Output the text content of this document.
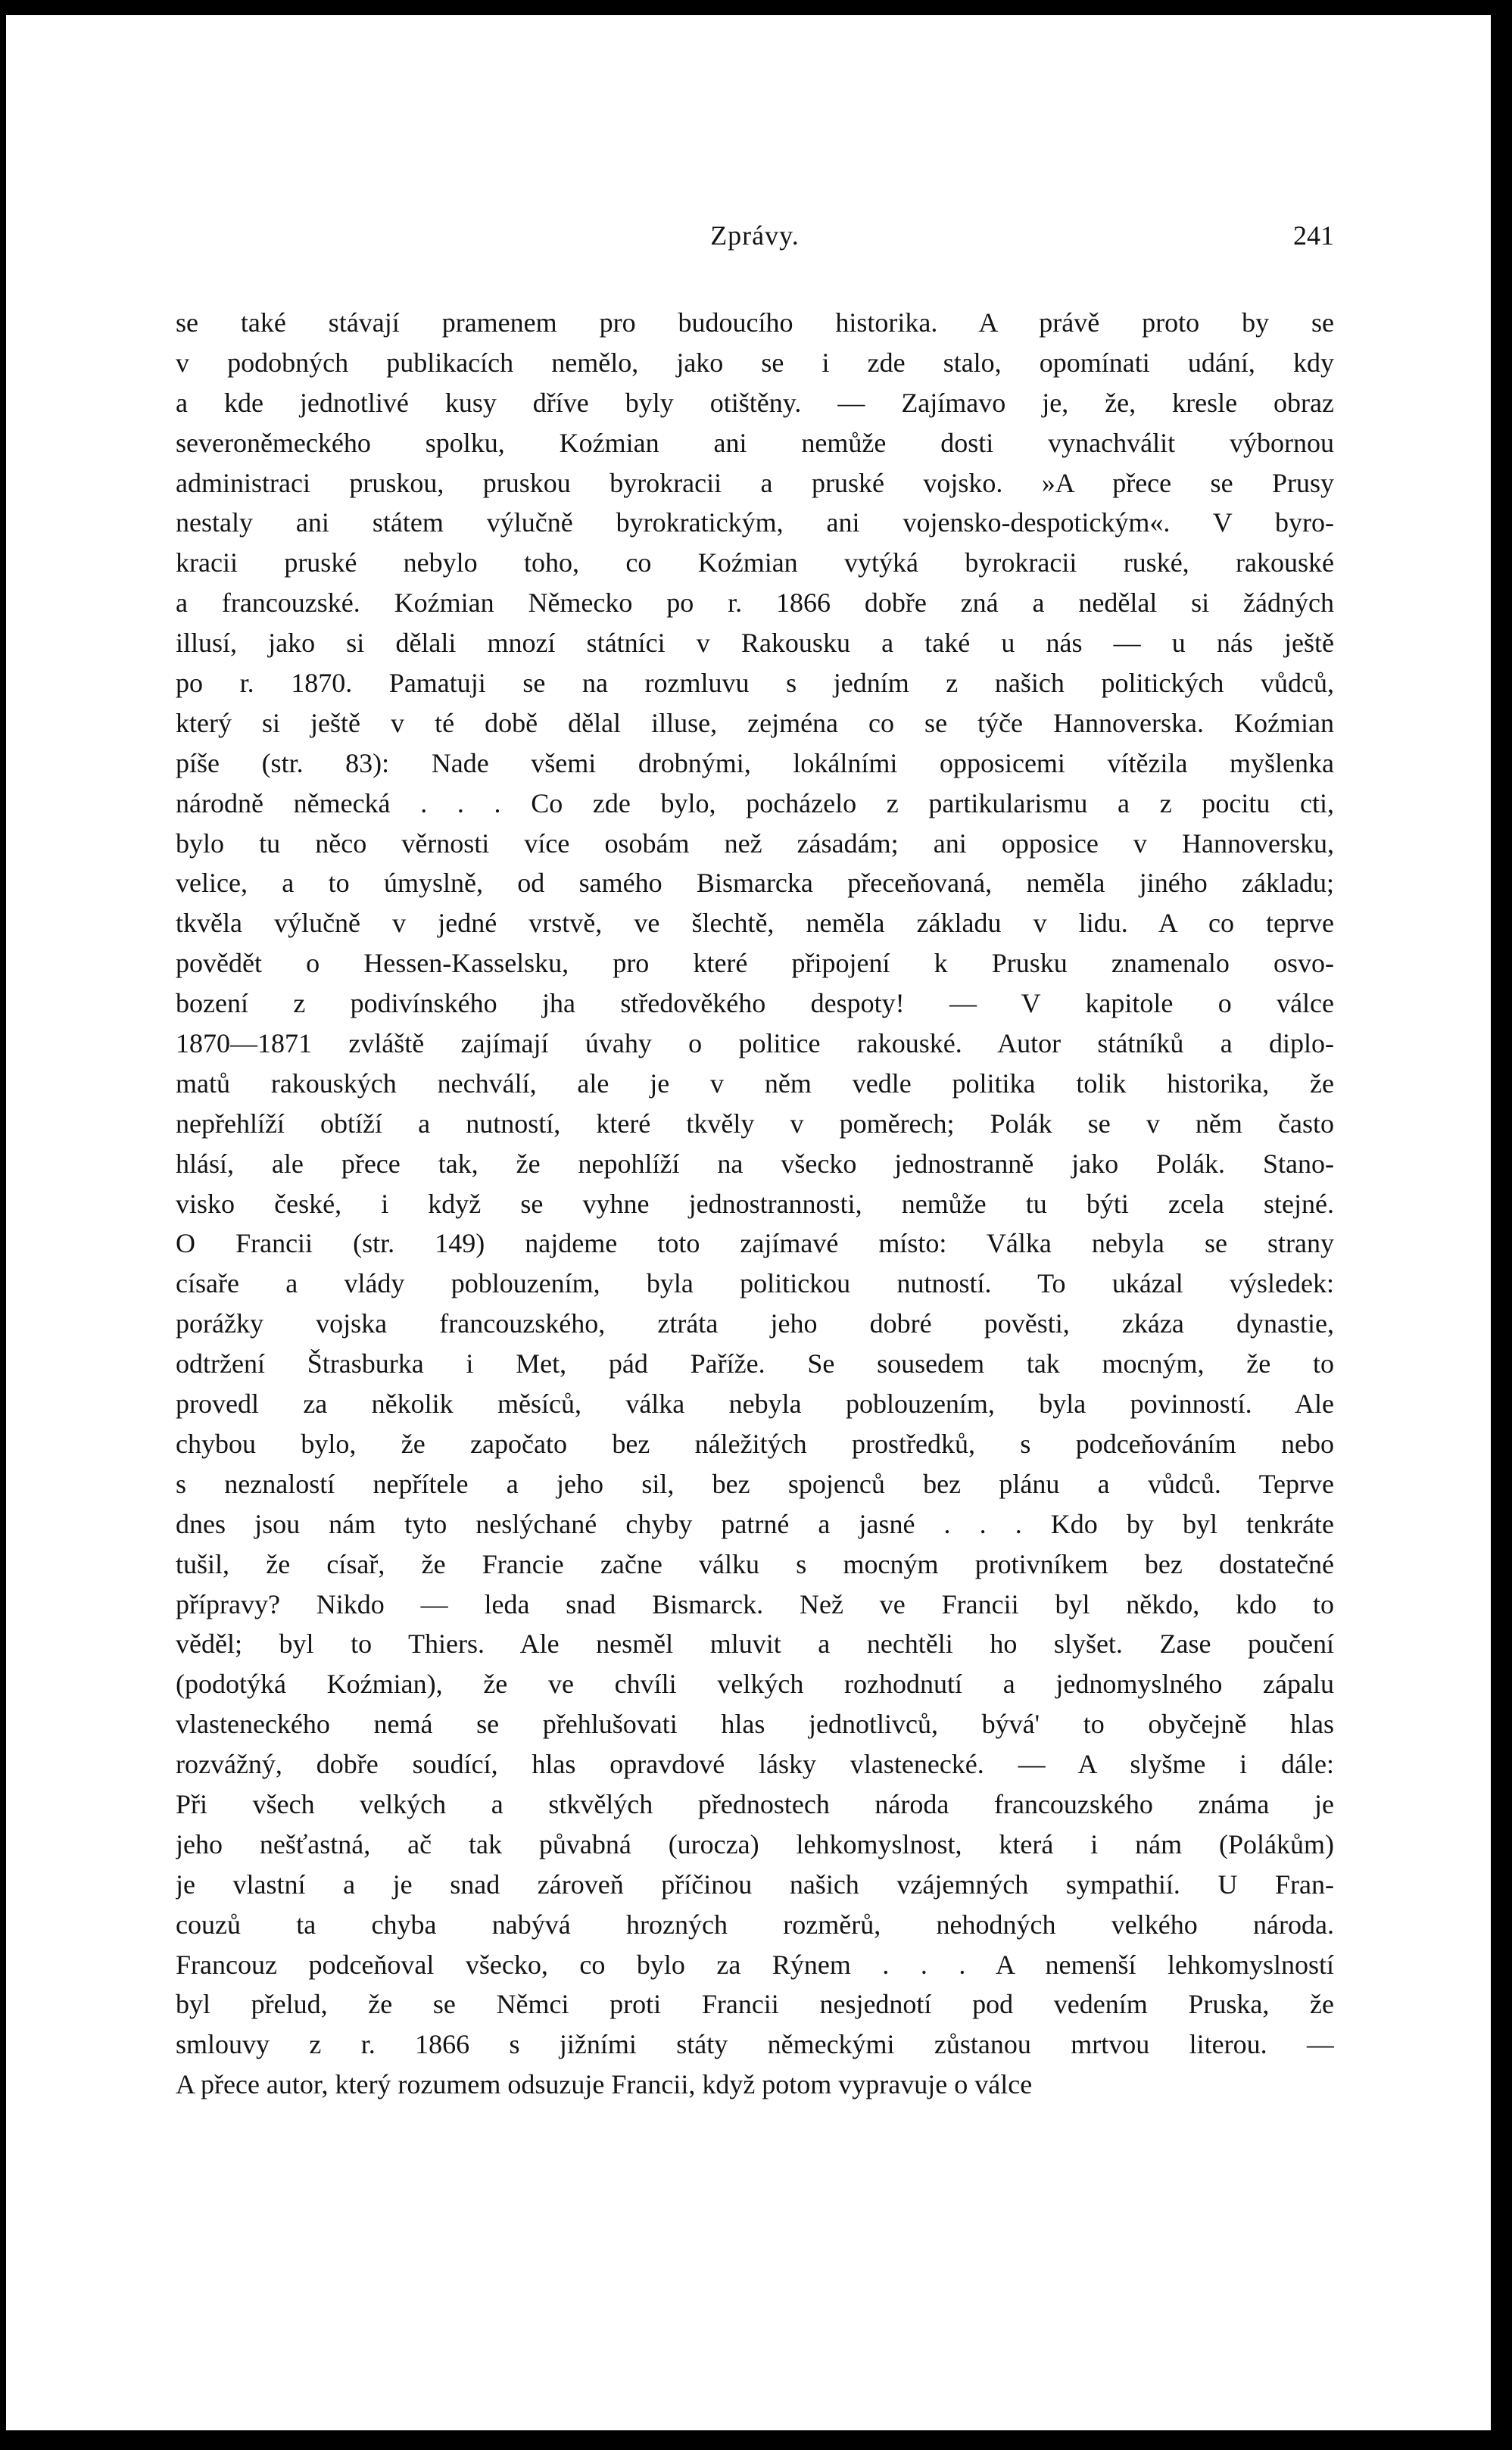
Zprávy.	241
se také stávají pramenem pro budoucího historika. A právě proto by se
v podobných publikacích nemělo, jako se i zde stalo, opomínati udání, kdy
a kde jednotlivé kusy dříve byly otištěny. — Zajímavo je, že, kresle obraz
severoněmeckého spolku, Koźmian ani nemůže dosti vynachválit výbornou
administraci pruskou, pruskou byrokracii a pruské vojsko. »A přece se Prusy
nestaly ani státem výlučně byrokratickým, ani vojensko-despotickým«. V byro-
kracii pruské nebylo toho, co Koźmian vytýká byrokracii ruské, rakouské
a francouzské. Koźmian Německo po r. 1866 dobře zná a nedělal si žádných
illusí, jako si dělali mnozí státníci v Rakousku a také u nás — u nás ještě
po r. 1870. Pamatuji se na rozmluvu s jedním z našich politických vůdců,
který si ještě v té době dělal illuse, zejména co se týče Hannoverska. Koźmian
píše (str. 83): Nade všemi drobnými, lokálními opposicemi vítězila myšlenka
národně německá . . . Co zde bylo, pocházelo z partikularismu a z pocitu cti,
bylo tu něco věrnosti více osobám než zásadám; ani opposice v Hannoversku,
velice, a to úmyslně, od samého Bismarcka přeceňovaná, neměla jiného základu;
tkvěla výlučně v jedné vrstvě, ve šlechtě, neměla základu v lidu. A co teprve
povědět o Hessen-Kasselsku, pro které připojení k Prusku znamenalo osvo-
bození z podivínského jha středověkého despoty! — V kapitole o válce
1870—1871 zvláště zajímají úvahy o politice rakouské. Autor státníků a diplo-
matů rakouských nechválí, ale je v něm vedle politika tolik historika, že
nepřehlíží obtíží a nutností, které tkvěly v poměrech; Polák se v něm často
hlásí, ale přece tak, že nepohlíží na všecko jednostranně jako Polák. Stano-
visko české, i když se vyhne jednostrannosti, nemůže tu býti zcela stejné.
O Francii (str. 149) najdeme toto zajímavé místo: Válka nebyla se strany
císaře a vlády poblouzením, byla politickou nutností. To ukázal výsledek:
porážky vojska francouzského, ztráta jeho dobré pověsti, zkáza dynastie,
odtržení Štrasburka i Met, pád Paříže. Se sousedem tak mocným, že to
provedl za několik měsíců, válka nebyla poblouzením, byla povinností. Ale
chybou bylo, že započato bez náležitých prostředků, s podceňováním nebo
s neznalostí nepřítele a jeho sil, bez spojenců bez plánu a vůdců. Teprve
dnes jsou nám tyto neslýchané chyby patrné a jasné . . . Kdo by byl tenkráte
tušil, že císař, že Francie začne válku s mocným protivníkem bez dostatečné
přípravy? Nikdo — leda snad Bismarck. Než ve Francii byl někdo, kdo to
věděl; byl to Thiers. Ale nesměl mluvit a nechtěli ho slyšet. Zase poučení
(podotýká Koźmian), že ve chvíli velkých rozhodnutí a jednomyslného zápalu
vlasteneckého nemá se přehlušovati hlas jednotlivců, bývá' to obyčejně hlas
rozvážný, dobře soudící, hlas opravdové lásky vlastenecké. — A slyšme i dále:
Při všech velkých a stkvělých přednostech národa francouzského známa je
jeho nešťastná, ač tak půvabná (urocza) lehkomyslnost, která i nám (Polákům)
je vlastní a je snad zároveň příčinou našich vzájemných sympathií. U Fran-
couzů ta chyba nabývá hrozných rozměrů, nehodných velkého národa.
Francouz podceňoval všecko, co bylo za Rýnem . . . A nemenší lehkomyslností
byl přelud, že se Němci proti Francii nesjednotí pod vedením Pruska, že
smlouvy z r. 1866 s jižními státy německými zůstanou mrtvou literou. —
A přece autor, který rozumem odsuzuje Francii, když potom vypravuje o válce
